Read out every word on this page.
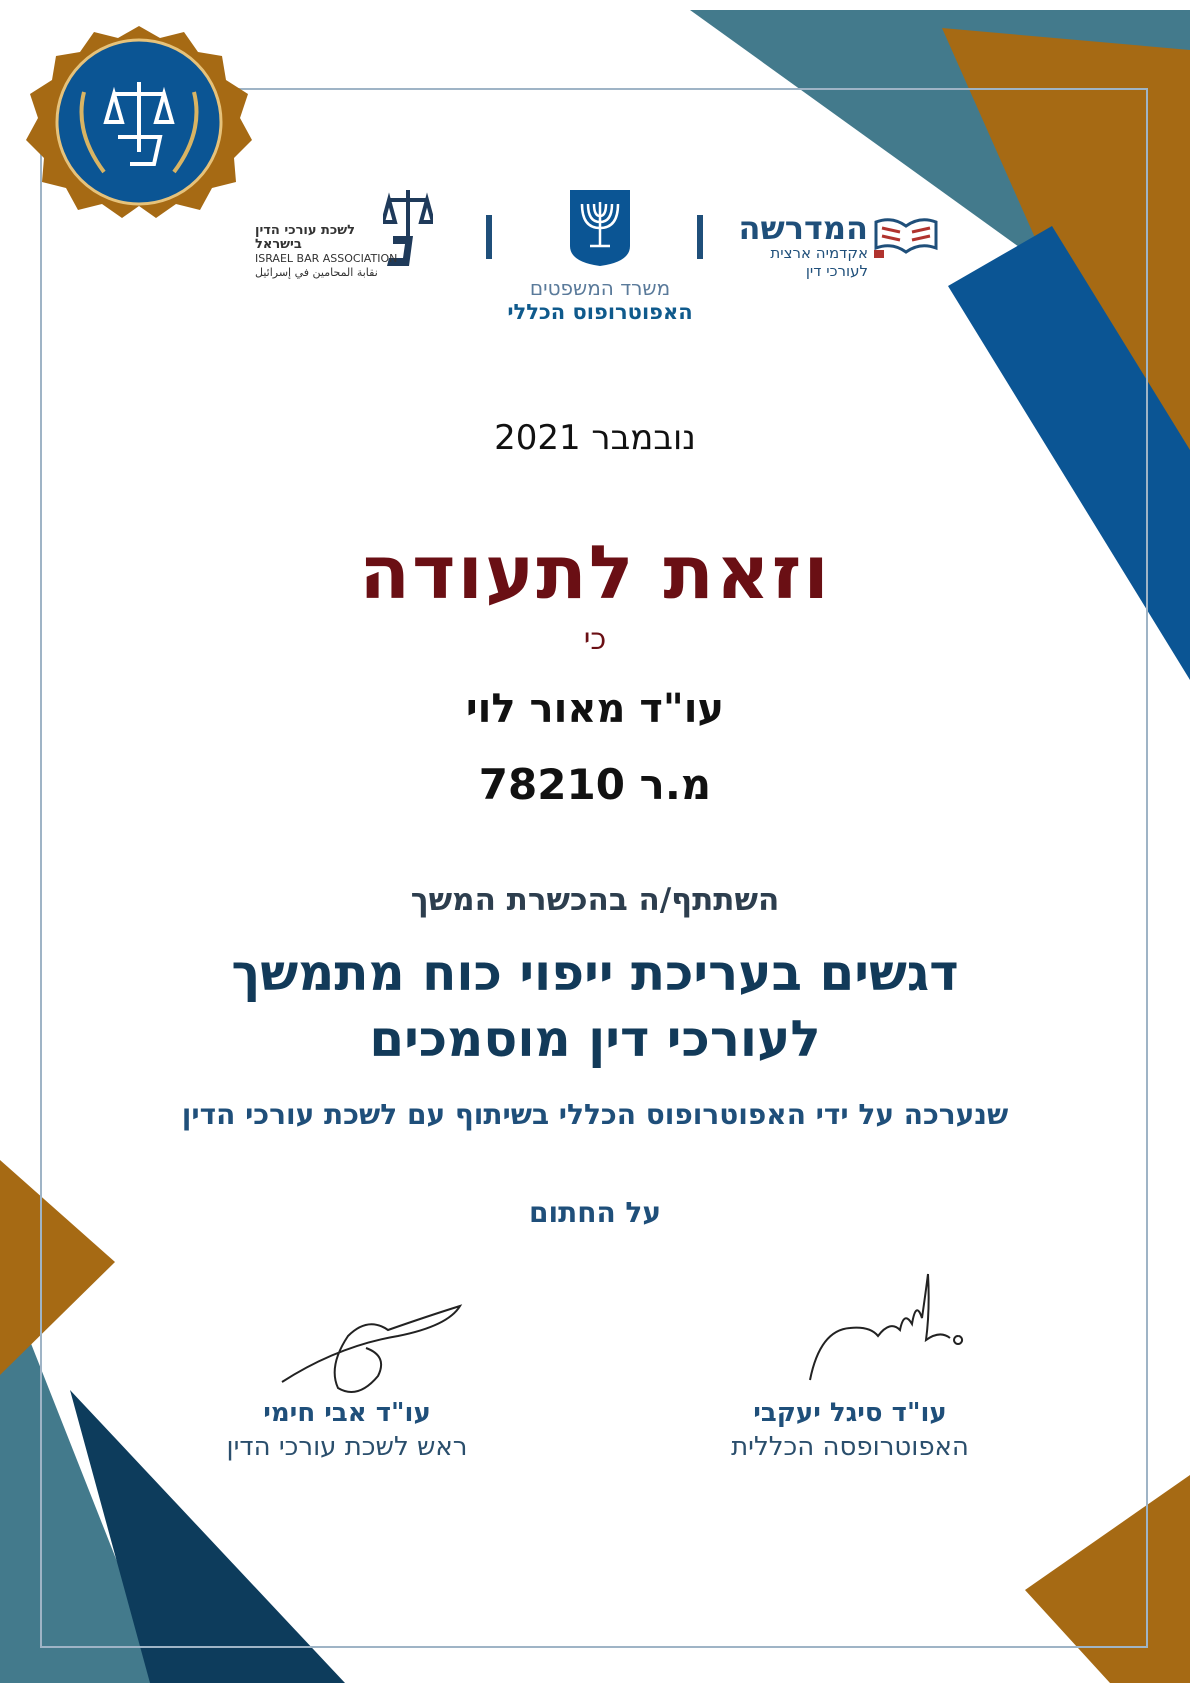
לשכת עורכי הדין בישראל
ISRAEL BAR ASSOCIATION
نقابة المحامين في إسرائيل
משרד המשפטים
האפוטרופוס הכללי
המדרשה
אקדמיה ארצית לעורכי דין
נובמבר 2021
וזאת לתעודה
כי
עו"ד מאור לוי
מ.ר 78210
השתתף/ה בהכשרת המשך
דגשים בעריכת ייפוי כוח מתמשך
לעורכי דין מוסמכים
שנערכה על ידי האפוטרופוס הכללי בשיתוף עם לשכת עורכי הדין
על החתום
עו"ד סיגל יעקבי
האפוטרופסה הכללית
עו"ד אבי חימי
ראש לשכת עורכי הדין
